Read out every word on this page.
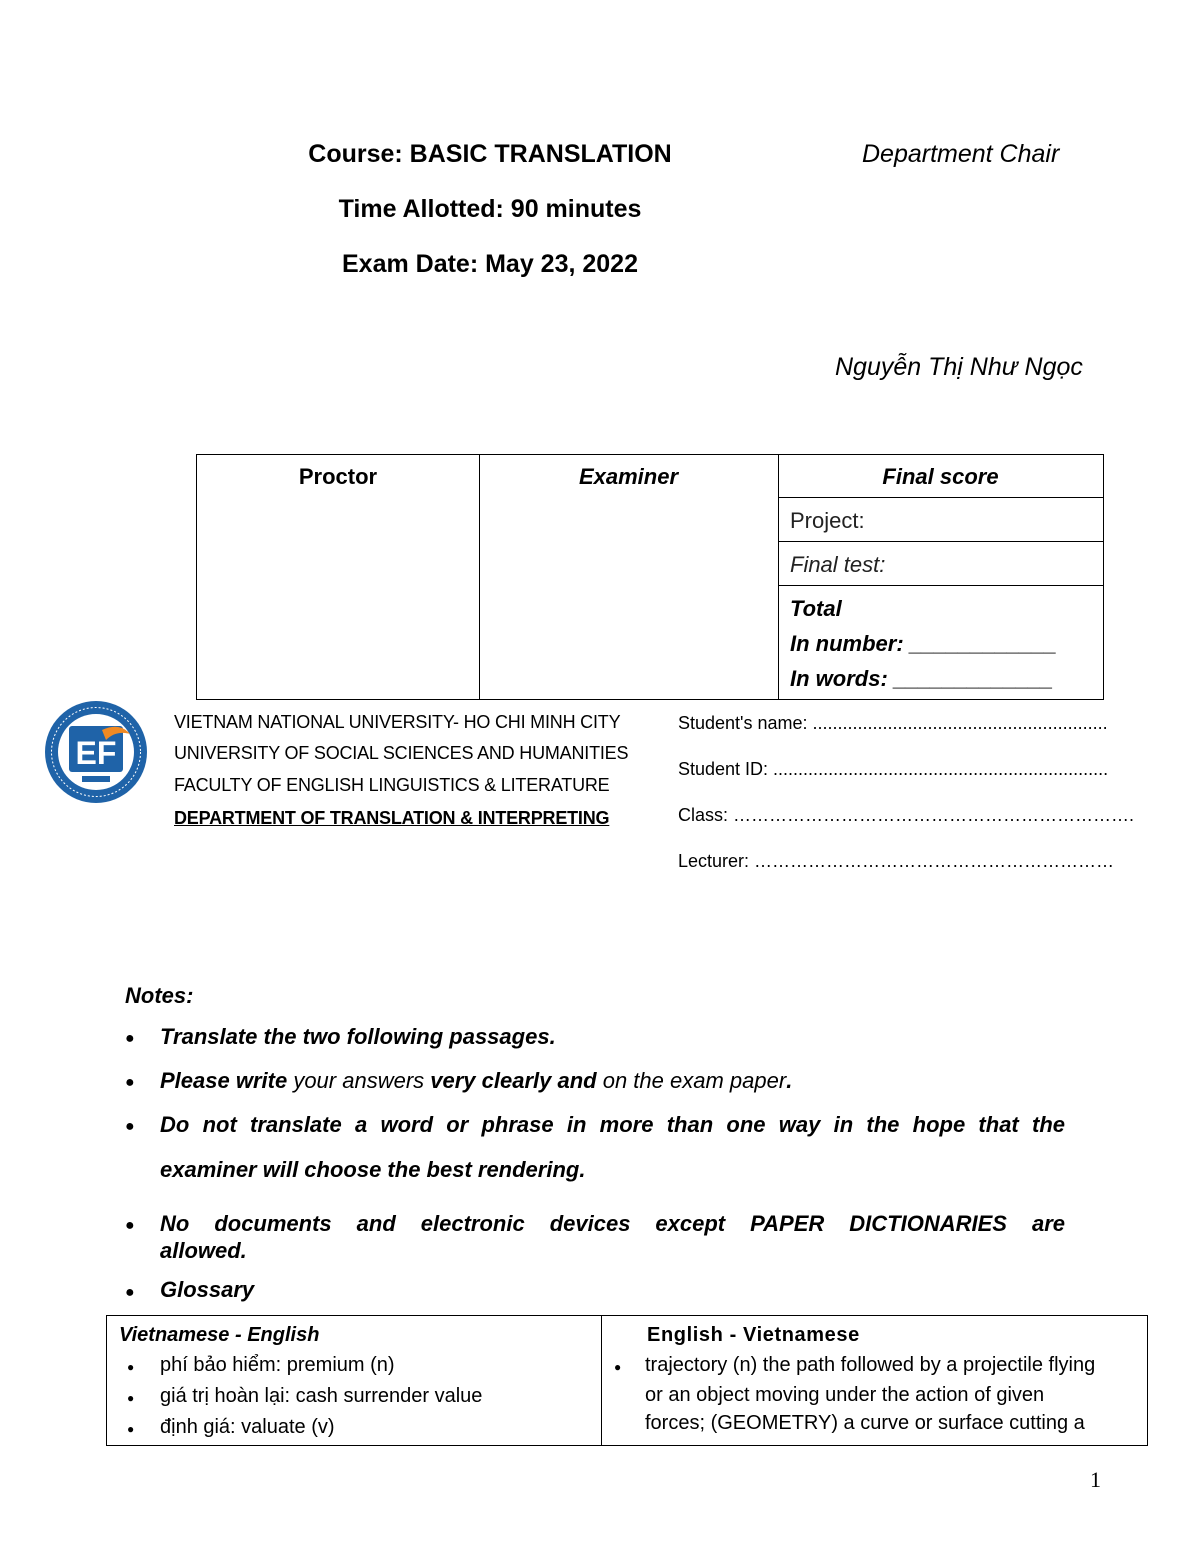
Course: BASIC TRANSLATION
Time Allotted: 90 minutes
Exam Date: May 23, 2022
Department Chair
Nguyễn Thị Như Ngọc
Proctor	Examiner	Final score
Project:
Final test:
Total
In number: ____________
In words: _____________
EF
VIETNAM NATIONAL UNIVERSITY- HO CHI MINH CITY
UNIVERSITY OF SOCIAL SCIENCES AND HUMANITIES
FACULTY OF ENGLISH LINGUISTICS & LITERATURE
DEPARTMENT OF TRANSLATION & INTERPRETING
Student's name: ...........................................................
Student ID: ...................................................................
Class: ………………………………………………………….
Lecturer: ……………………………………………………
Notes:
● Translate the two following passages.
● Please write your answers very clearly and on the exam paper.
● Do not translate a word or phrase in more than one way in the hope that the
examiner will choose the best rendering.
● No documents and electronic devices except PAPER DICTIONARIES are
allowed.
● Glossary
Vietnamese - English	English - Vietnamese
● phí bảo hiểm: premium (n)
● giá trị hoàn lại: cash surrender value
● định giá: valuate (v)
● trajectory (n) the path followed by a projectile flying
or an object moving under the action of given
forces; (GEOMETRY) a curve or surface cutting a
1
